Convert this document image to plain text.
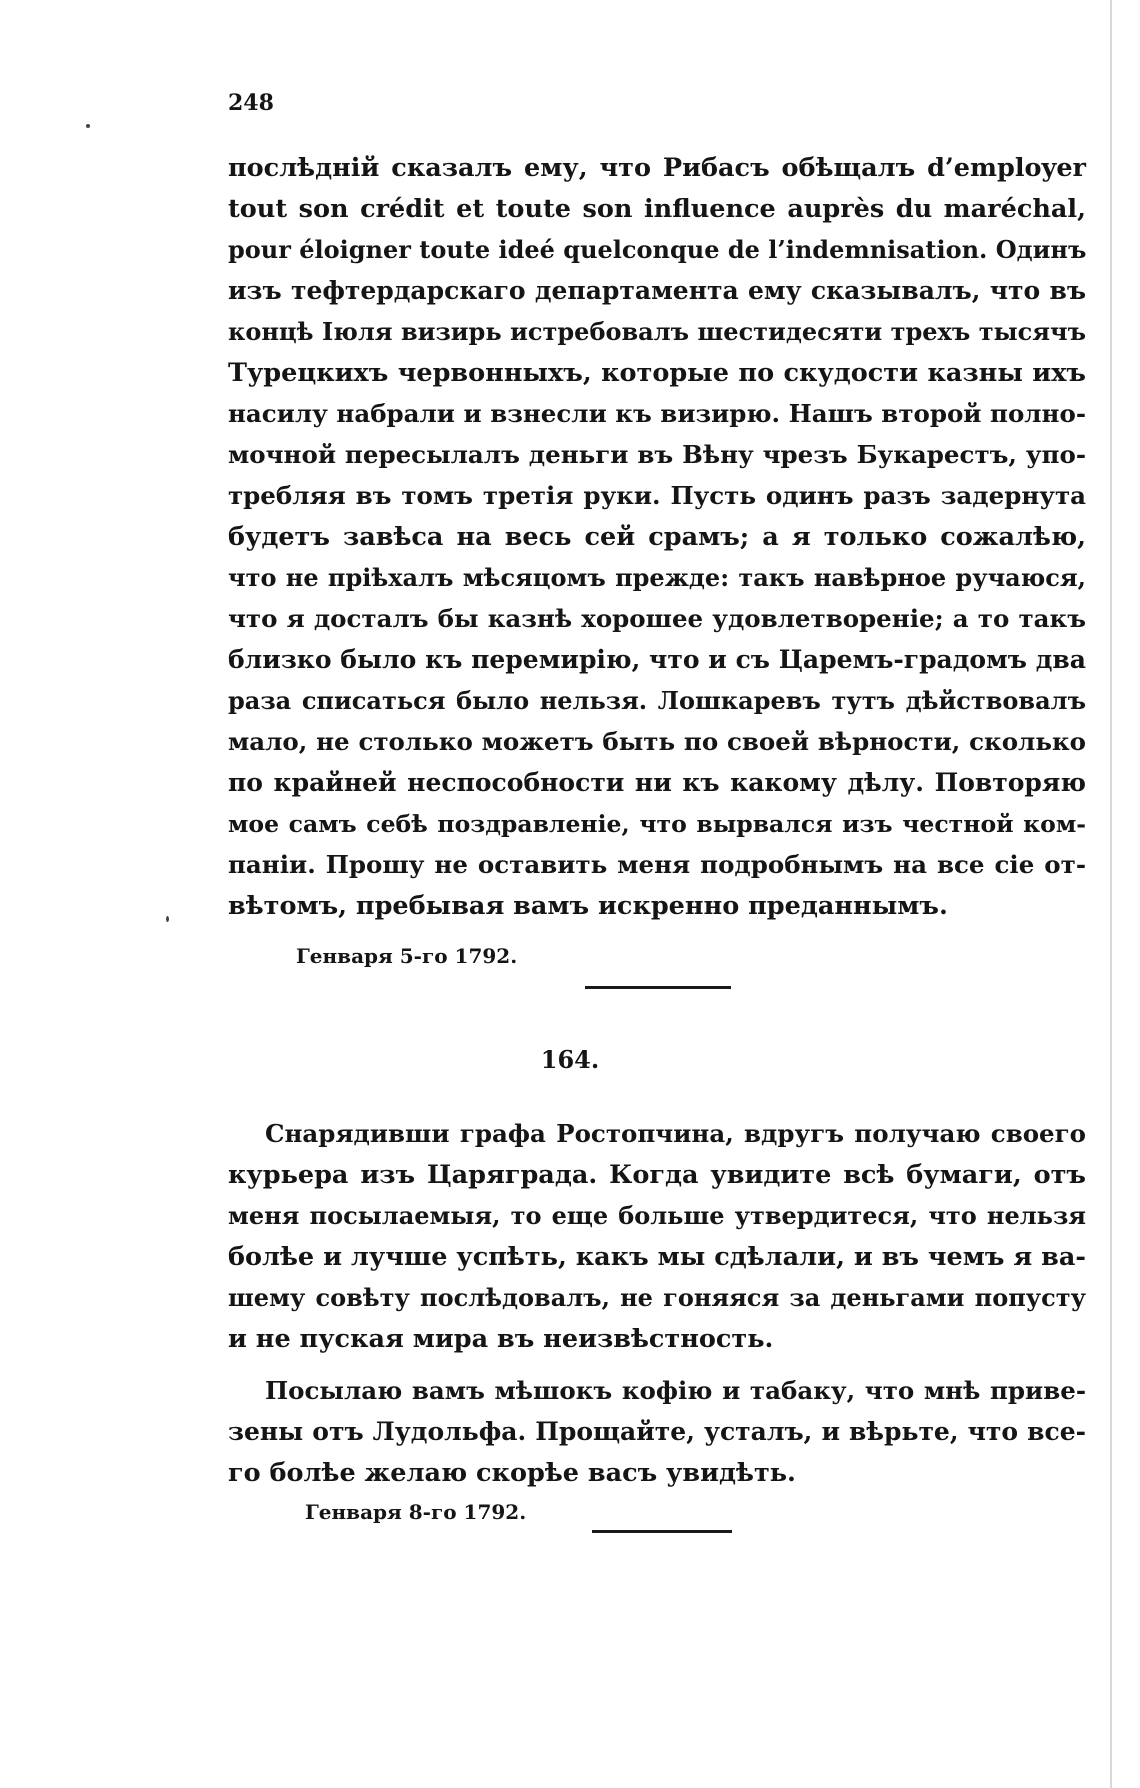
248
послѣдній сказалъ ему, что Рибасъ обѣщалъ d’employer
tout son crédit et toute son influence auprès du maréchal,
pour éloigner toute ideé quelconque de l’indemnisation. Одинъ
изъ тефтердарскаго департамента ему сказывалъ, что въ
концѣ Іюля визирь истребовалъ шестидесяти трехъ тысячъ
Турецкихъ червонныхъ, которые по скудости казны ихъ
насилу набрали и взнесли къ визирю. Нашъ второй полно-
мочной пересылалъ деньги въ Вѣну чрезъ Букарестъ, упо-
требляя въ томъ третія руки. Пусть одинъ разъ задернута
будетъ завѣса на весь сей срамъ; а я только сожалѣю,
что не пріѣхалъ мѣсяцомъ прежде: такъ навѣрное ручаюся,
что я досталъ бы казнѣ хорошее удовлетвореніе; а то такъ
близко было къ перемирію, что и съ Царемъ-градомъ два
раза списаться было нельзя. Лошкаревъ тутъ дѣйствовалъ
мало, не столько можетъ быть по своей вѣрности, сколько
по крайней неспособности ни къ какому дѣлу. Повторяю
мое самъ себѣ поздравленіе, что вырвался изъ честной ком-
паніи. Прошу не оставить меня подробнымъ на все сіе от-
вѣтомъ, пребывая вамъ искренно преданнымъ.
Генваря 5-го 1792.
164.
Снарядивши графа Ростопчина, вдругъ получаю своего
курьера изъ Царяграда. Когда увидите всѣ бумаги, отъ
меня посылаемыя, то еще больше утвердитеся, что нельзя
болѣе и лучше успѣть, какъ мы сдѣлали, и въ чемъ я ва-
шему совѣту послѣдовалъ, не гоняяся за деньгами попусту
и не пуская мира въ неизвѣстность.
Посылаю вамъ мѣшокъ кофію и табаку, что мнѣ приве-
зены отъ Лудольфа. Прощайте, усталъ, и вѣрьте, что все-
го болѣе желаю скорѣе васъ увидѣть.
Генваря 8-го 1792.
